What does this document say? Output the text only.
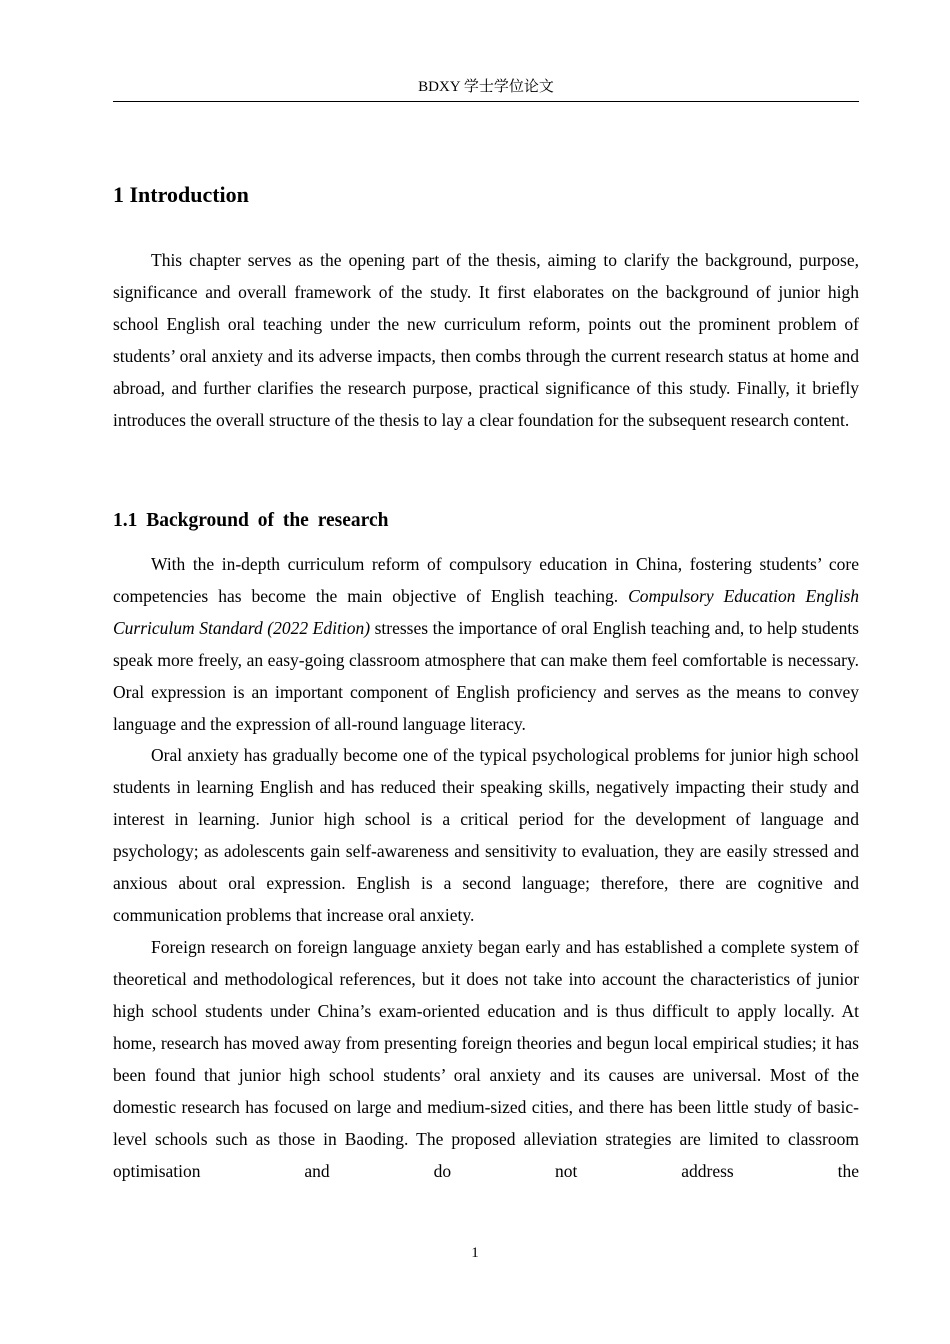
BDXY 学士学位论文
1 Introduction

This chapter serves as the opening part of the thesis, aiming to clarify the background, purpose, significance and overall framework of the study. It first elaborates on the background of junior high school English oral teaching under the new curriculum reform, points out the prominent problem of students’ oral anxiety and its adverse impacts, then combs through the current research status at home and abroad, and further clarifies the research purpose, practical significance of this study. Finally, it briefly introduces the overall structure of the thesis to lay a clear foundation for the subsequent research content.

1.1 Background of the research

With the in-depth curriculum reform of compulsory education in China, fostering students’ core competencies has become the main objective of English teaching. Compulsory Education English Curriculum Standard (2022 Edition) stresses the importance of oral English teaching and, to help students speak more freely, an easy-going classroom atmosphere that can make them feel comfortable is necessary. Oral expression is an important component of English proficiency and serves as the means to convey language and the expression of all-round language literacy.

Oral anxiety has gradually become one of the typical psychological problems for junior high school students in learning English and has reduced their speaking skills, negatively impacting their study and interest in learning. Junior high school is a critical period for the development of language and psychology; as adolescents gain self-awareness and sensitivity to evaluation, they are easily stressed and anxious about oral expression. English is a second language; therefore, there are cognitive and communication problems that increase oral anxiety.

Foreign research on foreign language anxiety began early and has established a complete system of theoretical and methodological references, but it does not take into account the characteristics of junior high school students under China’s exam-oriented education and is thus difficult to apply locally. At home, research has moved away from presenting foreign theories and begun local empirical studies; it has been found that junior high school students’ oral anxiety and its causes are universal. Most of the domestic research has focused on large and medium-sized cities, and there has been little study of basic-level schools such as those in Baoding. The proposed alleviation strategies are limited to classroom optimisation and do not address the

1
